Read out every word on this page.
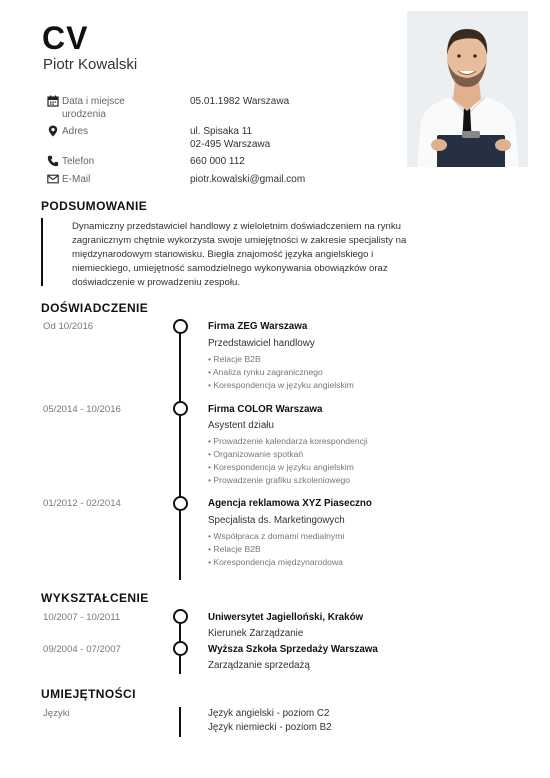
CV
Piotr Kowalski
Data i miejsce urodzenia
05.01.1982 Warszawa
Adres	ul. Spisaka 11
02-495 Warszawa
Telefon	660 000 112
E-Mail	piotr.kowalski@gmail.com
PODSUMOWANIE
Dynamiczny przedstawiciel handlowy z wieloletnim doświadczeniem na rynku zagranicznym chętnie wykorzysta swoje umiejętności w zakresie specjalisty na międzynarodowym stanowisku. Biegła znajomość języka angielskiego i niemieckiego, umiejętność samodzielnego wykonywania obowiązków oraz doświadczenie w prowadzeniu zespołu.
DOŚWIADCZENIE
Od 10/2016	Firma ZEG Warszawa
Przedstawiciel handlowy
• Relacje B2B
• Analiza rynku zagranicznego
• Korespondencja w języku angielskim
05/2014 - 10/2016	Firma COLOR Warszawa
Asystent działu
• Prowadzenie kalendarza korespondencji
• Organizowanie spotkań
• Korespondencja w języku angielskim
• Prowadzenie grafiku szkoleniowego
01/2012 - 02/2014	Agencja reklamowa XYZ Piaseczno
Specjalista ds. Marketingowych
• Współpraca z domami medialnymi
• Relacje B2B
• Korespondencja międzynarodowa
WYKSZTAŁCENIE
10/2007 - 10/2011	Uniwersytet Jagielloński, Kraków
Kierunek Zarządzanie
09/2004 - 07/2007	Wyższa Szkoła Sprzedaży Warszawa
Zarządzanie sprzedażą
UMIEJĘTNOŚCI
Języki	Język angielski - poziom C2
Język niemiecki - poziom B2
